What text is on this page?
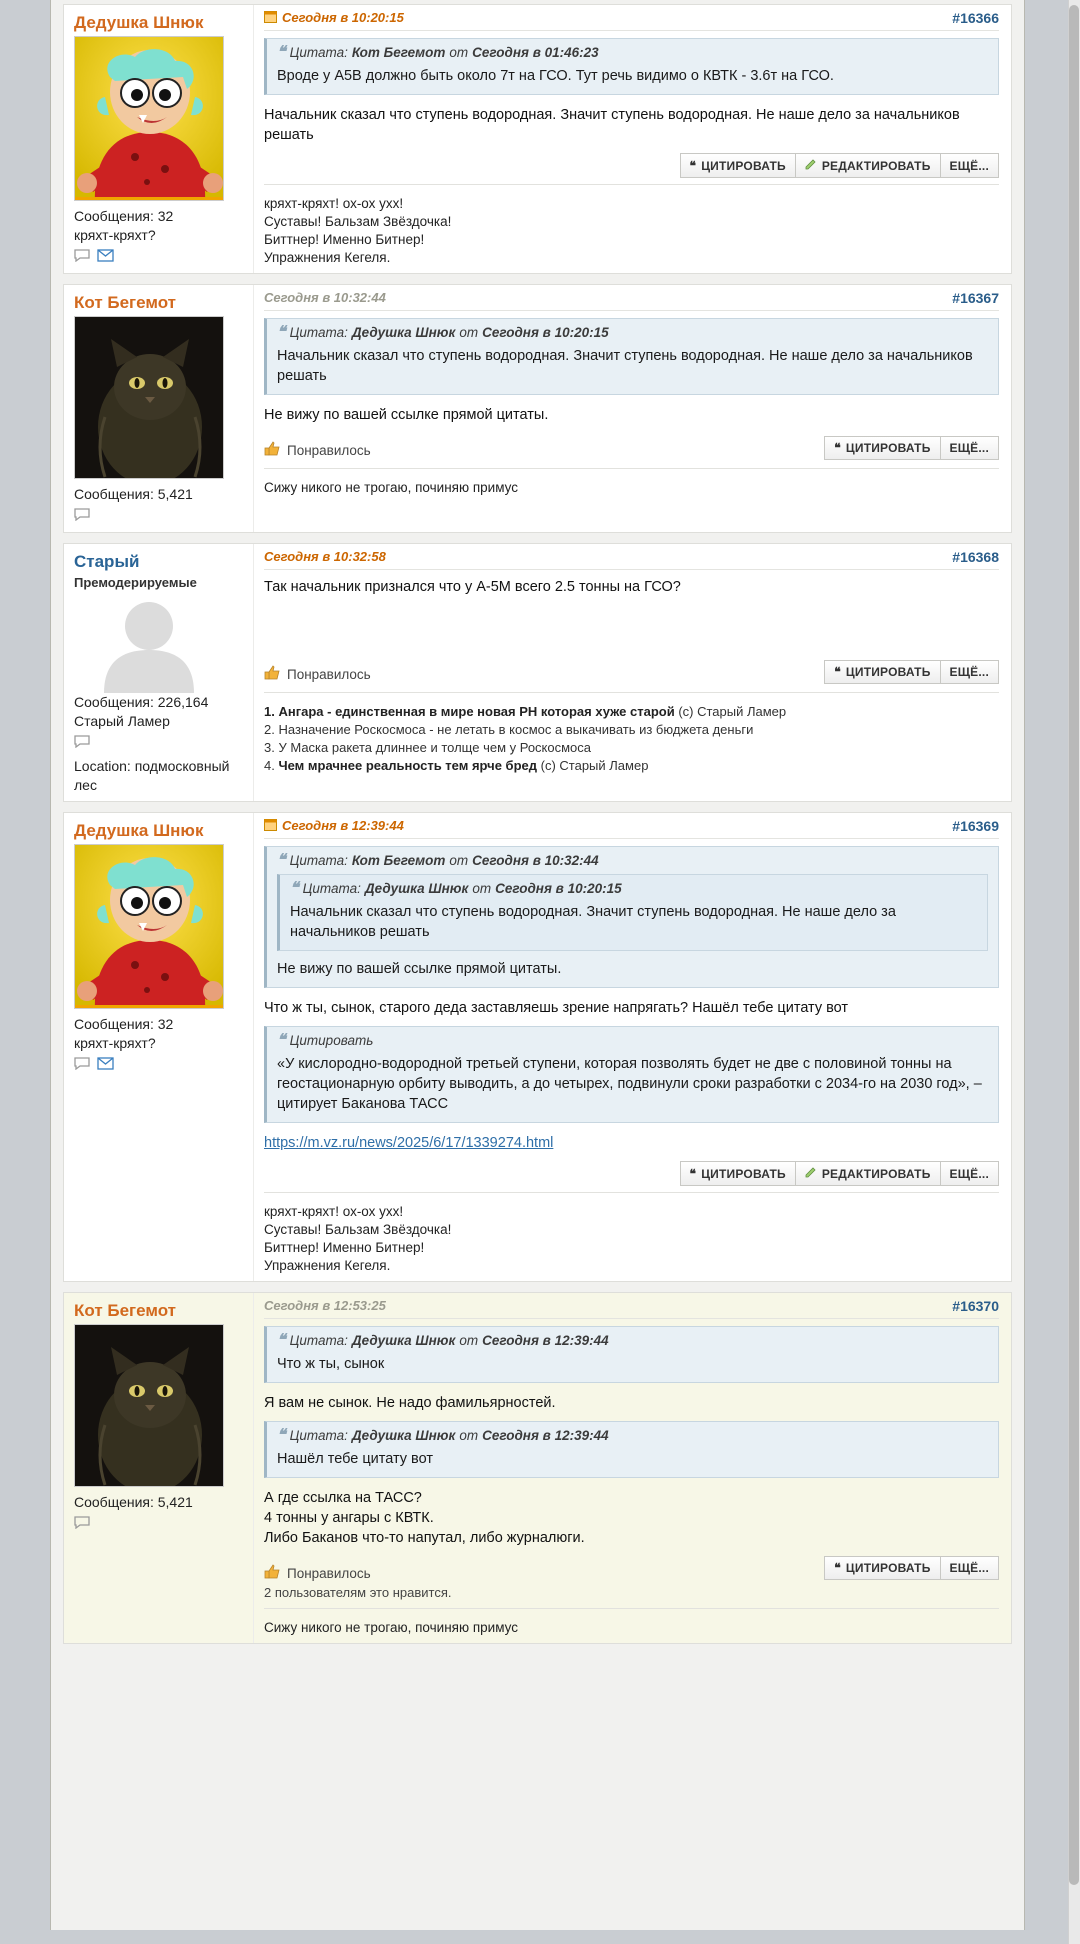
Дедушка Шнюк
Сообщения: 32
кряхт-кряхт?
Сегодня в 10:20:15	#16366
❝ Цитата: Кот Бегемот от Сегодня в 01:46:23
Вроде у А5В должно быть около 7т на ГСО. Тут речь видимо о КВТК - 3.6т на ГСО.
Начальник сказал что ступень водородная. Значит ступень водородная. Не наше дело за начальников решать
❝ ЦИТИРОВАТЬ	РЕДАКТИРОВАТЬ ЕЩЁ...
кряхт-кряхт! ох-ох ухх!
Суставы! Бальзам Звёздочка!
Биттнер! Именно Битнер!
Упражнения Кегеля.
Кот Бегемот
Сообщения: 5,421
Сегодня в 10:32:44	#16367
❝ Цитата: Дедушка Шнюк от Сегодня в 10:20:15
Начальник сказал что ступень водородная. Значит ступень водородная. Не наше дело за начальников решать
Не вижу по вашей ссылке прямой цитаты.
Понравилось	❝ ЦИТИРОВАТЬ ЕЩЁ...
Сижу никого не трогаю, починяю примус
Старый
Премодерируемые
Сообщения: 226,164
Старый Ламер
Location: подмосковный лес
Сегодня в 10:32:58	#16368
Так начальник признался что у А-5М всего 2.5 тонны на ГСО?
Понравилось	❝ ЦИТИРОВАТЬ ЕЩЁ...
1. Ангара - единственная в мире новая РН которая хуже старой (с) Старый Ламер
2. Назначение Роскосмоса - не летать в космос а выкачивать из бюджета деньги
3. У Маска ракета длиннее и толще чем у Роскосмоса
4. Чем мрачнее реальность тем ярче бред (с) Старый Ламер
Дедушка Шнюк
Сообщения: 32
кряхт-кряхт?
Сегодня в 12:39:44	#16369
❝ Цитата: Кот Бегемот от Сегодня в 10:32:44
❝ Цитата: Дедушка Шнюк от Сегодня в 10:20:15
Начальник сказал что ступень водородная. Значит ступень водородная. Не наше дело за начальников решать
Не вижу по вашей ссылке прямой цитаты.
Что ж ты, сынок, старого деда заставляешь зрение напрягать? Нашёл тебе цитату вот
❝ Цитировать
«У кислородно-водородной третьей ступени, которая позволять будет не две с половиной тонны на геостационарную орбиту выводить, а до четырех, подвинули сроки разработки с 2034-го на 2030 год», – цитирует Баканова ТАСС
https://m.vz.ru/news/2025/6/17/1339274.html
❝ ЦИТИРОВАТЬ	РЕДАКТИРОВАТЬ ЕЩЁ...
кряхт-кряхт! ох-ох ухх!
Суставы! Бальзам Звёздочка!
Биттнер! Именно Битнер!
Упражнения Кегеля.
Кот Бегемот
Сообщения: 5,421
Сегодня в 12:53:25	#16370
❝ Цитата: Дедушка Шнюк от Сегодня в 12:39:44
Что ж ты, сынок
Я вам не сынок. Не надо фамильярностей.
❝ Цитата: Дедушка Шнюк от Сегодня в 12:39:44
Нашёл тебе цитату вот
А где ссылка на ТАСС?
4 тонны у ангары с КВТК.
Либо Баканов что-то напутал, либо журналюги.
Понравилось
2 пользователям это нравится.
❝ ЦИТИРОВАТЬ ЕЩЁ...
Сижу никого не трогаю, починяю примус
